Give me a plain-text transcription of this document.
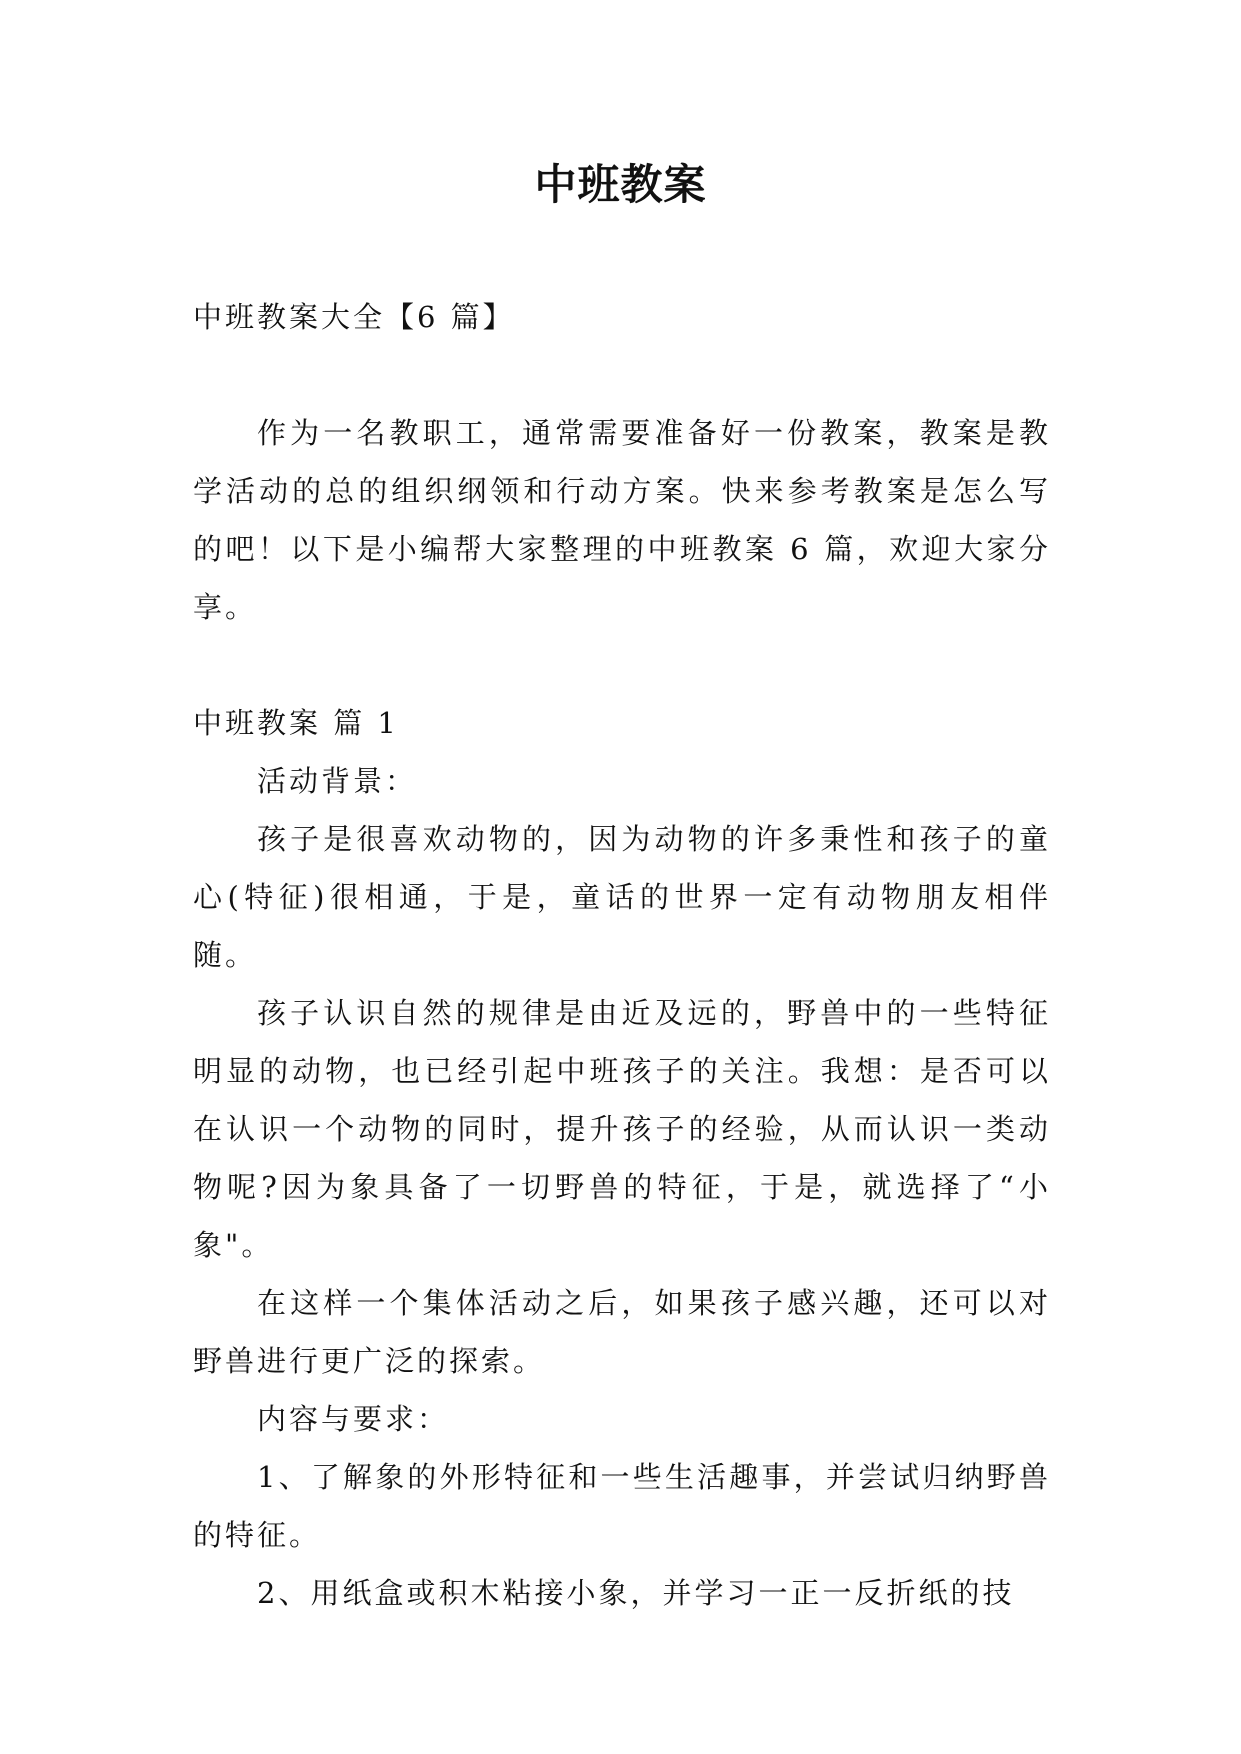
中班教案

中班教案大全【6 篇】

作为一名教职工，通常需要准备好一份教案，教案是教学活动的总的组织纲领和行动方案。快来参考教案是怎么写的吧！以下是小编帮大家整理的中班教案 6 篇，欢迎大家分享。

中班教案 篇 1

活动背景：

孩子是很喜欢动物的，因为动物的许多秉性和孩子的童心(特征)很相通，于是，童话的世界一定有动物朋友相伴随。

孩子认识自然的规律是由近及远的，野兽中的一些特征明显的动物，也已经引起中班孩子的关注。我想：是否可以在认识一个动物的同时，提升孩子的经验，从而认识一类动物呢?因为象具备了一切野兽的特征，于是，就选择了“小象"。

在这样一个集体活动之后，如果孩子感兴趣，还可以对野兽进行更广泛的探索。

内容与要求：

1、了解象的外形特征和一些生活趣事，并尝试归纳野兽的特征。

2、用纸盒或积木粘接小象，并学习一正一反折纸的技
